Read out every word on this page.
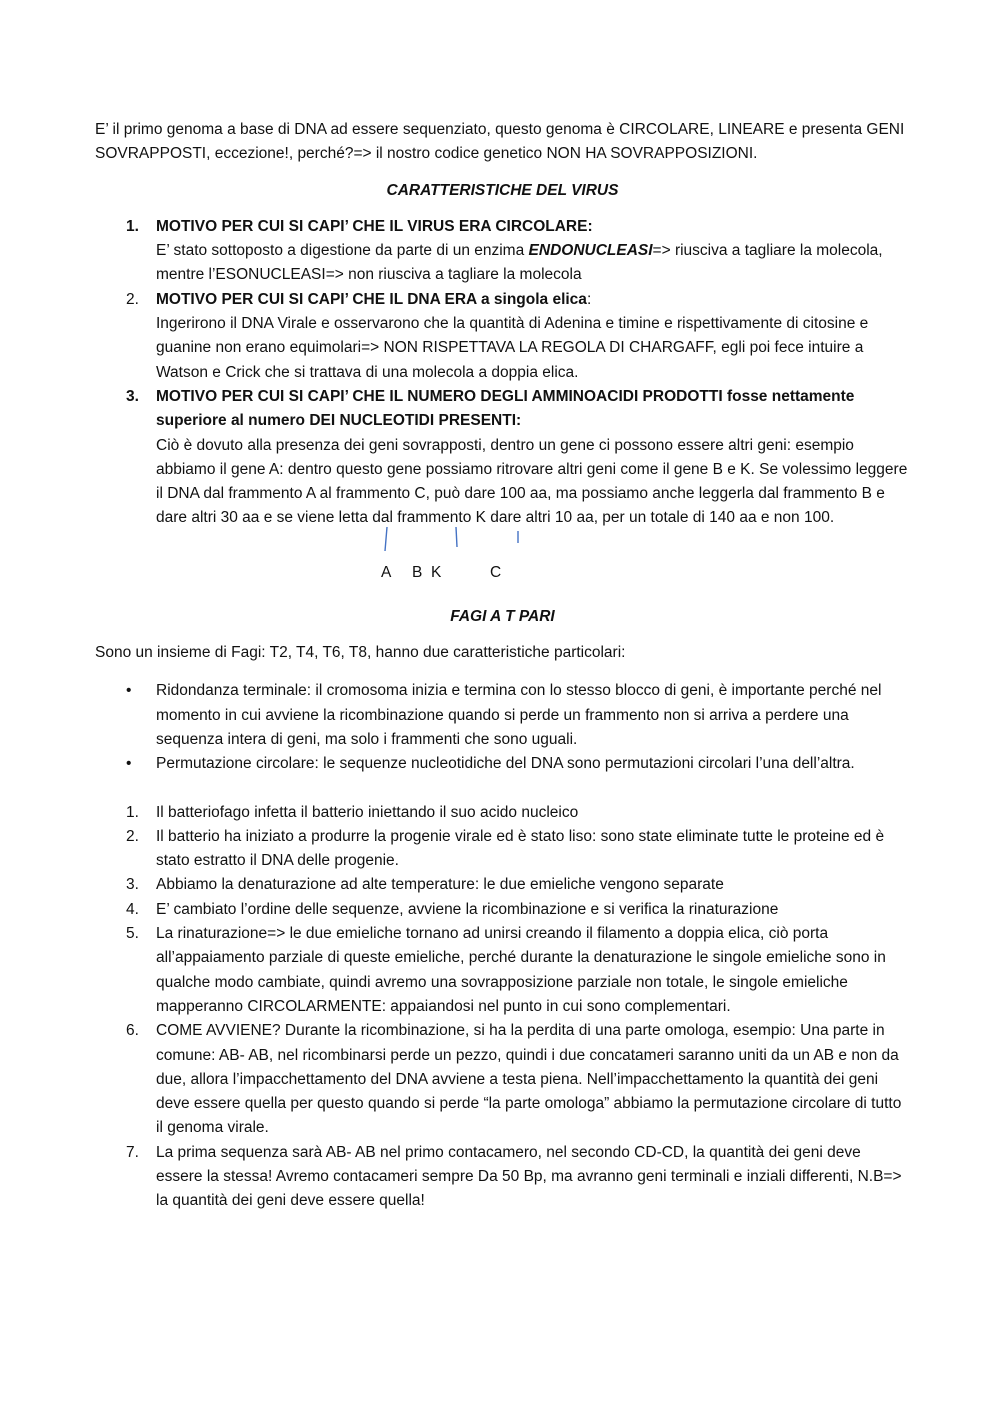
E’ il primo genoma a base di DNA ad essere sequenziato, questo genoma è CIRCOLARE, LINEARE e presenta GENI SOVRAPPOSTI, eccezione!, perché?=> il nostro codice genetico NON HA SOVRAPPOSIZIONI.

CARATTERISTICHE DEL VIRUS

1. MOTIVO PER CUI SI CAPI’ CHE IL VIRUS ERA CIRCOLARE:
E’ stato sottoposto a digestione da parte di un enzima ENDONUCLEASI=> riusciva a tagliare la molecola, mentre l’ESONUCLEASI=> non riusciva a tagliare la molecola
2. MOTIVO PER CUI SI CAPI’ CHE IL DNA ERA a singola elica:
Ingerirono il DNA Virale e osservarono che la quantità di Adenina e timine e rispettivamente di citosine e guanine non erano equimolari=> NON RISPETTAVA LA REGOLA DI CHARGAFF, egli poi fece intuire a Watson e Crick che si trattava di una molecola a doppia elica.
3. MOTIVO PER CUI SI CAPI’ CHE IL NUMERO DEGLI AMMINOACIDI PRODOTTI fosse nettamente superiore al numero DEI NUCLEOTIDI PRESENTI:
Ciò è dovuto alla presenza dei geni sovrapposti, dentro un gene ci possono essere altri geni: esempio abbiamo il gene A: dentro questo gene possiamo ritrovare altri geni come il gene B e K. Se volessimo leggere il DNA dal frammento A al frammento C, può dare 100 aa, ma possiamo anche leggerla dal frammento B e dare altri 30 aa e se viene letta dal frammento K dare altri 10 aa, per un totale di 140 aa e non 100.
A B K	C

FAGI A T PARI

Sono un insieme di Fagi: T2, T4, T6, T8, hanno due caratteristiche particolari:

• Ridondanza terminale: il cromosoma inizia e termina con lo stesso blocco di geni, è importante perché nel momento in cui avviene la ricombinazione quando si perde un frammento non si arriva a perdere una sequenza intera di geni, ma solo i frammenti che sono uguali.
• Permutazione circolare: le sequenze nucleotidiche del DNA sono permutazioni circolari l’una dell’altra.
1. Il batteriofago infetta il batterio iniettando il suo acido nucleico
2. Il batterio ha iniziato a produrre la progenie virale ed è stato liso: sono state eliminate tutte le proteine ed è stato estratto il DNA delle progenie.
3. Abbiamo la denaturazione ad alte temperature: le due emieliche vengono separate
4. E’ cambiato l’ordine delle sequenze, avviene la ricombinazione e si verifica la rinaturazione
5. La rinaturazione=> le due emieliche tornano ad unirsi creando il filamento a doppia elica, ciò porta all’appaiamento parziale di queste emieliche, perché durante la denaturazione le singole emieliche sono in qualche modo cambiate, quindi avremo una sovrapposizione parziale non totale, le singole emieliche mapperanno CIRCOLARMENTE: appaiandosi nel punto in cui sono complementari.
6. COME AVVIENE? Durante la ricombinazione, si ha la perdita di una parte omologa, esempio: Una parte in comune: AB- AB, nel ricombinarsi perde un pezzo, quindi i due concatameri saranno uniti da un AB e non da due, allora l’impacchettamento del DNA avviene a testa piena. Nell’impacchettamento la quantità dei geni deve essere quella per questo quando si perde “la parte omologa” abbiamo la permutazione circolare di tutto il genoma virale.
7. La prima sequenza sarà AB- AB nel primo contacamero, nel secondo CD-CD, la quantità dei geni deve essere la stessa! Avremo contacameri sempre Da 50 Bp, ma avranno geni terminali e inziali differenti, N.B=> la quantità dei geni deve essere quella!
